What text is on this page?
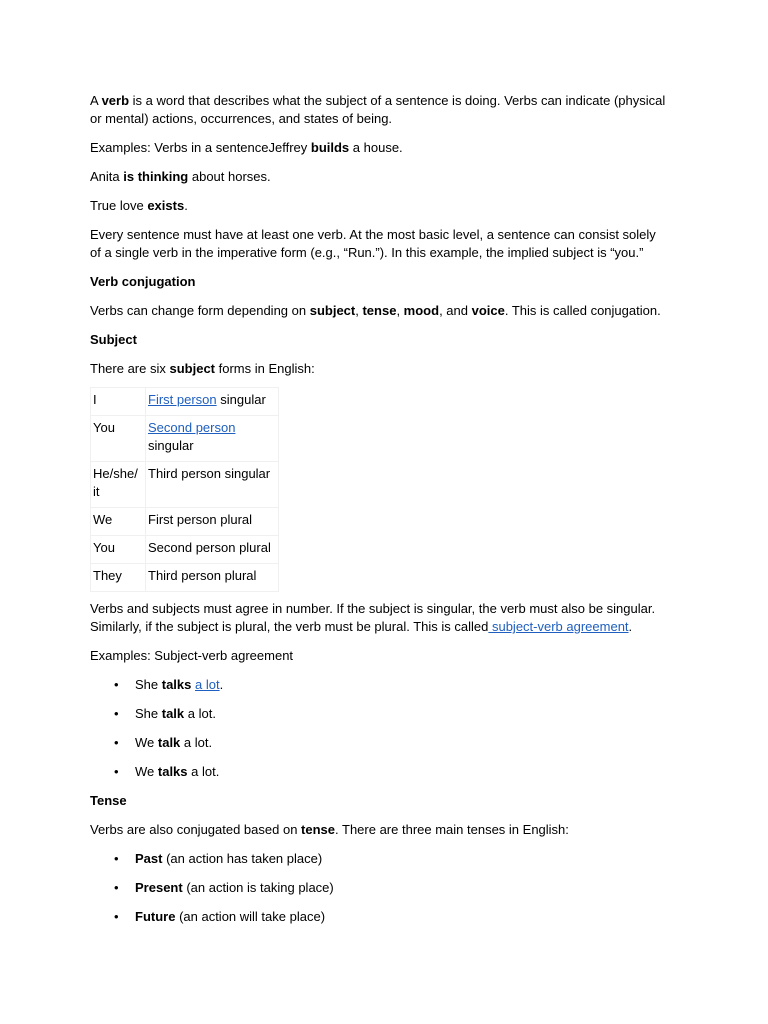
A verb is a word that describes what the subject of a sentence is doing. Verbs can indicate (physical or mental) actions, occurrences, and states of being.

Examples: Verbs in a sentenceJeffrey builds a house.

Anita is thinking about horses.

True love exists.

Every sentence must have at least one verb. At the most basic level, a sentence can consist solely of a single verb in the imperative form (e.g., “Run.”). In this example, the implied subject is “you.”

Verb conjugation

Verbs can change form depending on subject, tense, mood, and voice. This is called conjugation.

Subject

There are six subject forms in English:

I	First person singular
You	Second person singular
He/she/ it	Third person singular
We	First person plural
You	Second person plural
They	Third person plural

Verbs and subjects must agree in number. If the subject is singular, the verb must also be singular. Similarly, if the subject is plural, the verb must be plural. This is called subject-verb agreement.

Examples: Subject-verb agreement

• She talks a lot.
• She talk a lot.
• We talk a lot.
• We talks a lot.

Tense

Verbs are also conjugated based on tense. There are three main tenses in English:

• Past (an action has taken place)
• Present (an action is taking place)
• Future (an action will take place)
